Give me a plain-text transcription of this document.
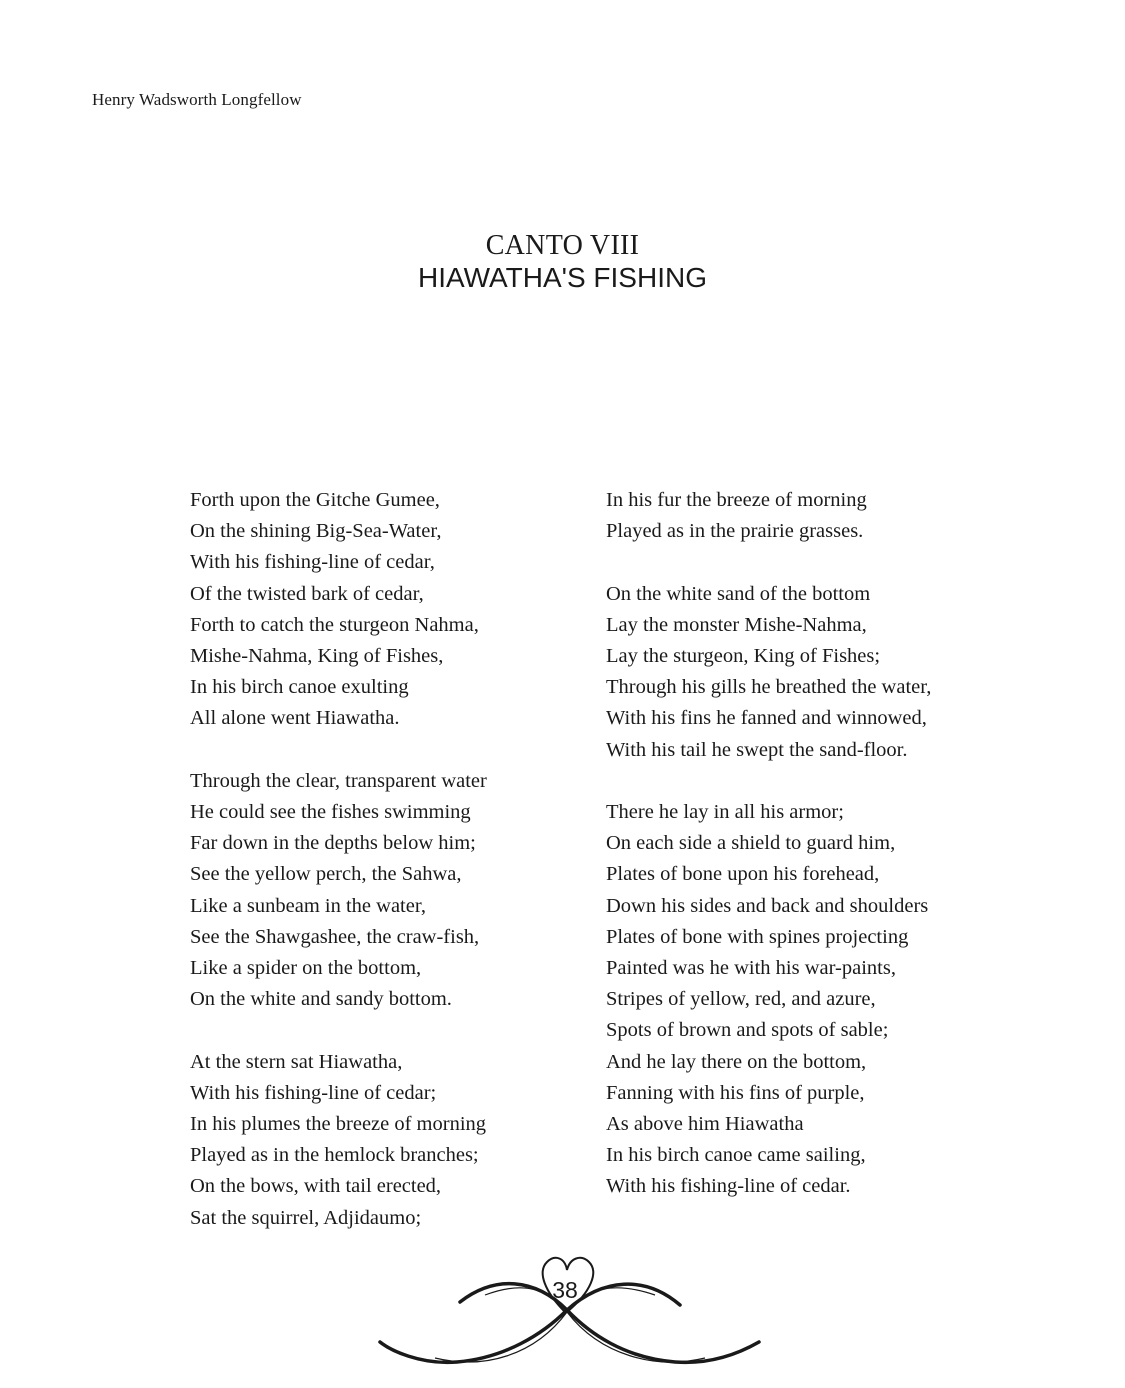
Henry Wadsworth Longfellow
CANTO VIII
HIAWATHA'S FISHING
Forth upon the Gitche Gumee,
On the shining Big-Sea-Water,
With his fishing-line of cedar,
Of the twisted bark of cedar,
Forth to catch the sturgeon Nahma,
Mishe-Nahma, King of Fishes,
In his birch canoe exulting
All alone went Hiawatha.
Through the clear, transparent water
He could see the fishes swimming
Far down in the depths below him;
See the yellow perch, the Sahwa,
Like a sunbeam in the water,
See the Shawgashee, the craw-fish,
Like a spider on the bottom,
On the white and sandy bottom.
At the stern sat Hiawatha,
With his fishing-line of cedar;
In his plumes the breeze of morning
Played as in the hemlock branches;
On the bows, with tail erected,
Sat the squirrel, Adjidaumo;
In his fur the breeze of morning
Played as in the prairie grasses.
On the white sand of the bottom
Lay the monster Mishe-Nahma,
Lay the sturgeon, King of Fishes;
Through his gills he breathed the water,
With his fins he fanned and winnowed,
With his tail he swept the sand-floor.
There he lay in all his armor;
On each side a shield to guard him,
Plates of bone upon his forehead,
Down his sides and back and shoulders
Plates of bone with spines projecting
Painted was he with his war-paints,
Stripes of yellow, red, and azure,
Spots of brown and spots of sable;
And he lay there on the bottom,
Fanning with his fins of purple,
As above him Hiawatha
In his birch canoe came sailing,
With his fishing-line of cedar.
38
